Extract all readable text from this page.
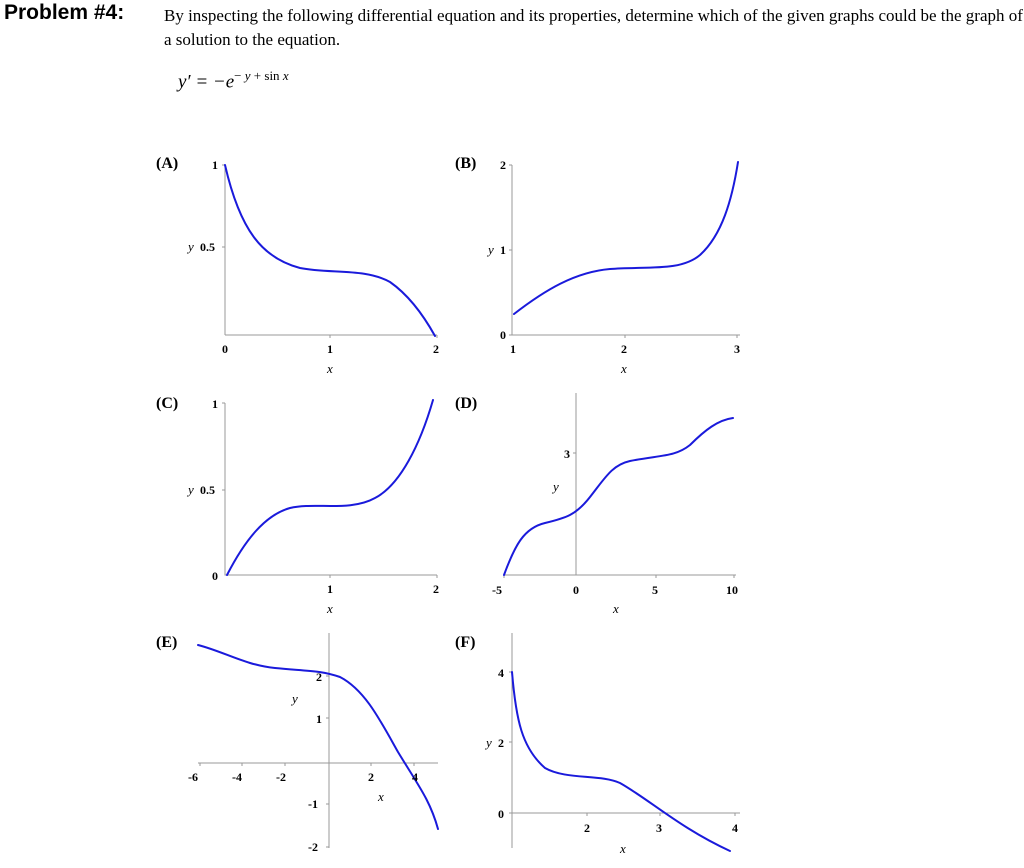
Problem #4: By inspecting the following differential equation and its properties, determine which of the given graphs could be the graph of a solution to the equation.
$y' = -e^{- y + sin x}$
(A)	(B)
(C)	(D)
(E)	(F)
1
0.5
y
0	1	2
x
2
1
y
0
1	2	3
x
1
0.5
y
0
1	2
x
3
y
-5	0	5	10
x
2
y
1
-1
-2
-6	-4	-2	2	4
x
4
y 2
0
2	3	4
x
